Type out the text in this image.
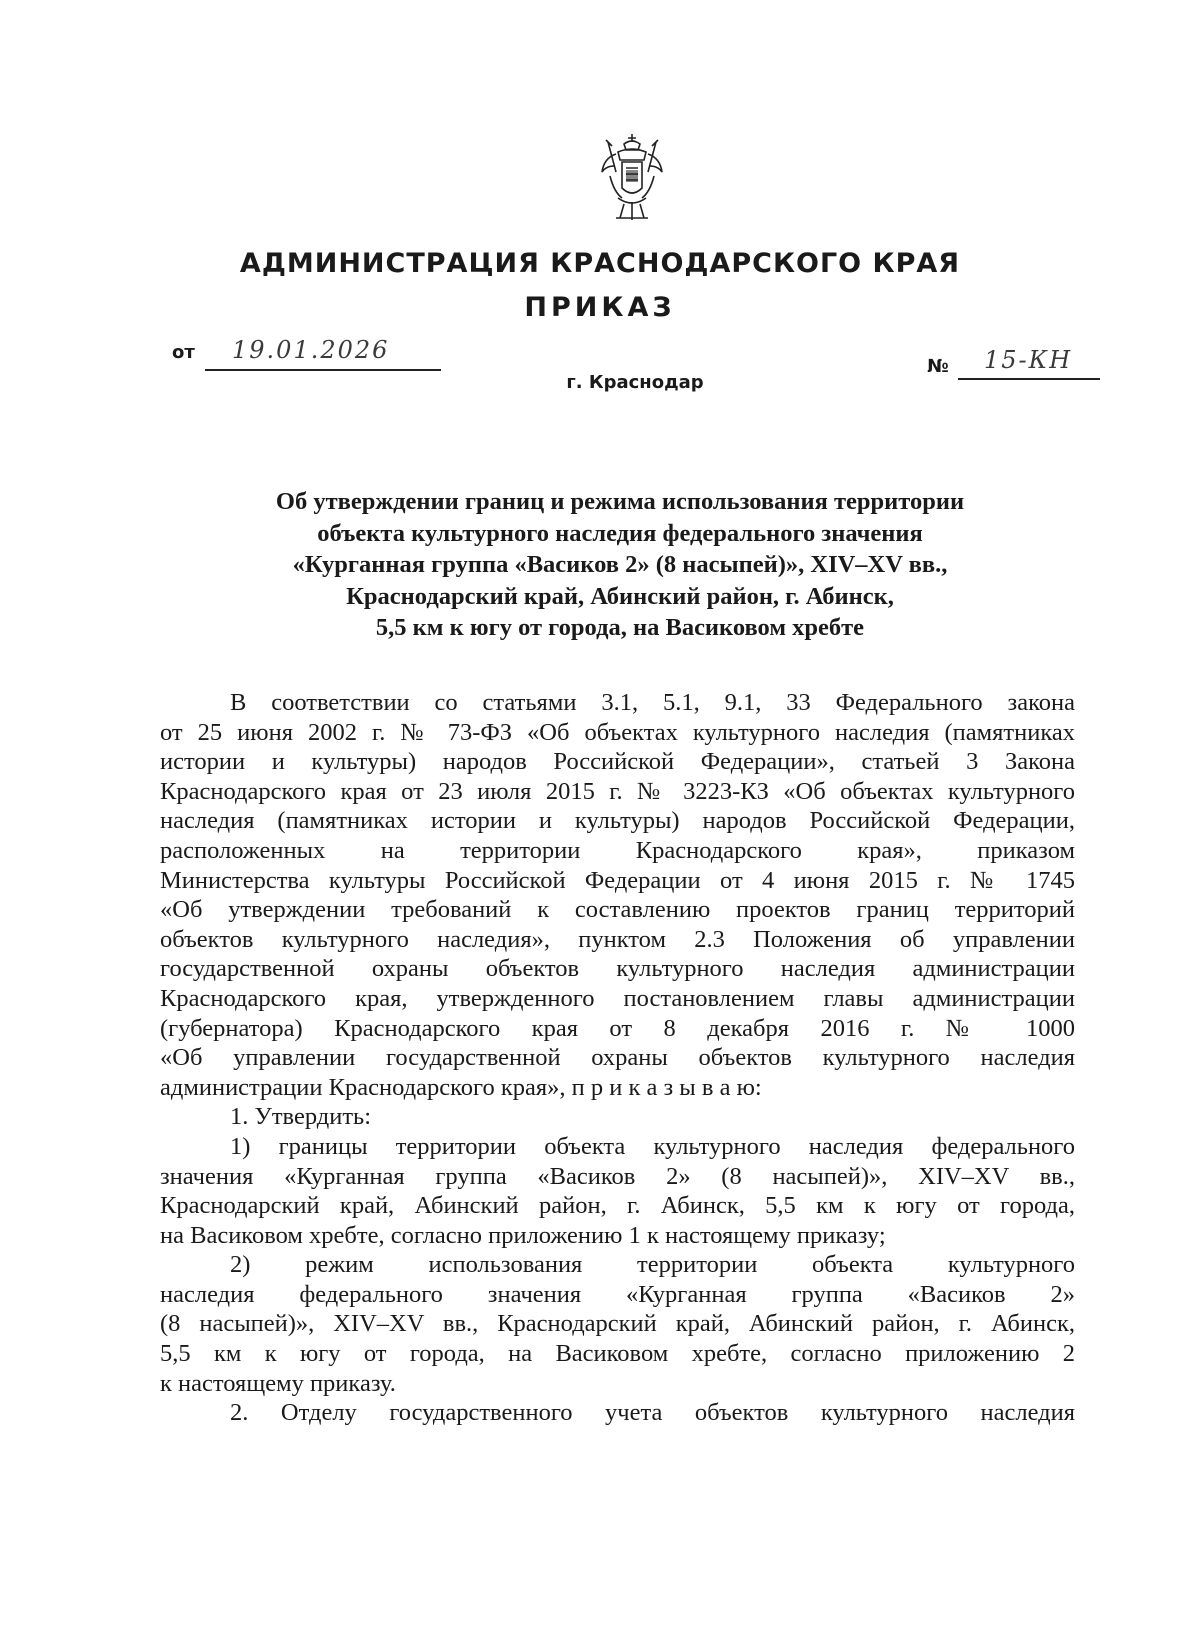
АДМИНИСТРАЦИЯ КРАСНОДАРСКОГО КРАЯ
ПРИКАЗ
от 19.01.2026
№ 15-КН
г. Краснодар
Об утверждении границ и режима использования территории
объекта культурного наследия федерального значения
«Курганная группа «Васиков 2» (8 насыпей)», XIV–XV вв.,
Краснодарский край, Абинский район, г. Абинск,
5,5 км к югу от города, на Васиковом хребте
В соответствии со статьями 3.1, 5.1, 9.1, 33 Федерального закона
от 25 июня 2002 г. № 73-ФЗ «Об объектах культурного наследия (памятниках
истории и культуры) народов Российской Федерации», статьей 3 Закона
Краснодарского края от 23 июля 2015 г. № 3223-КЗ «Об объектах культурного
наследия (памятниках истории и культуры) народов Российской Федерации,
расположенных на территории Краснодарского края», приказом
Министерства культуры Российской Федерации от 4 июня 2015 г. № 1745
«Об утверждении требований к составлению проектов границ территорий
объектов культурного наследия», пунктом 2.3 Положения об управлении
государственной охраны объектов культурного наследия администрации
Краснодарского края, утвержденного постановлением главы администрации
(губернатора) Краснодарского края от 8 декабря 2016 г. № 1000
«Об управлении государственной охраны объектов культурного наследия
администрации Краснодарского края», п р и к а з ы в а ю:
1. Утвердить:
1) границы территории объекта культурного наследия федерального
значения «Курганная группа «Васиков 2» (8 насыпей)», XIV–XV вв.,
Краснодарский край, Абинский район, г. Абинск, 5,5 км к югу от города,
на Васиковом хребте, согласно приложению 1 к настоящему приказу;
2) режим использования территории объекта культурного
наследия федерального значения «Курганная группа «Васиков 2»
(8 насыпей)», XIV–XV вв., Краснодарский край, Абинский район, г. Абинск,
5,5 км к югу от города, на Васиковом хребте, согласно приложению 2
к настоящему приказу.
2. Отделу государственного учета объектов культурного наследия
